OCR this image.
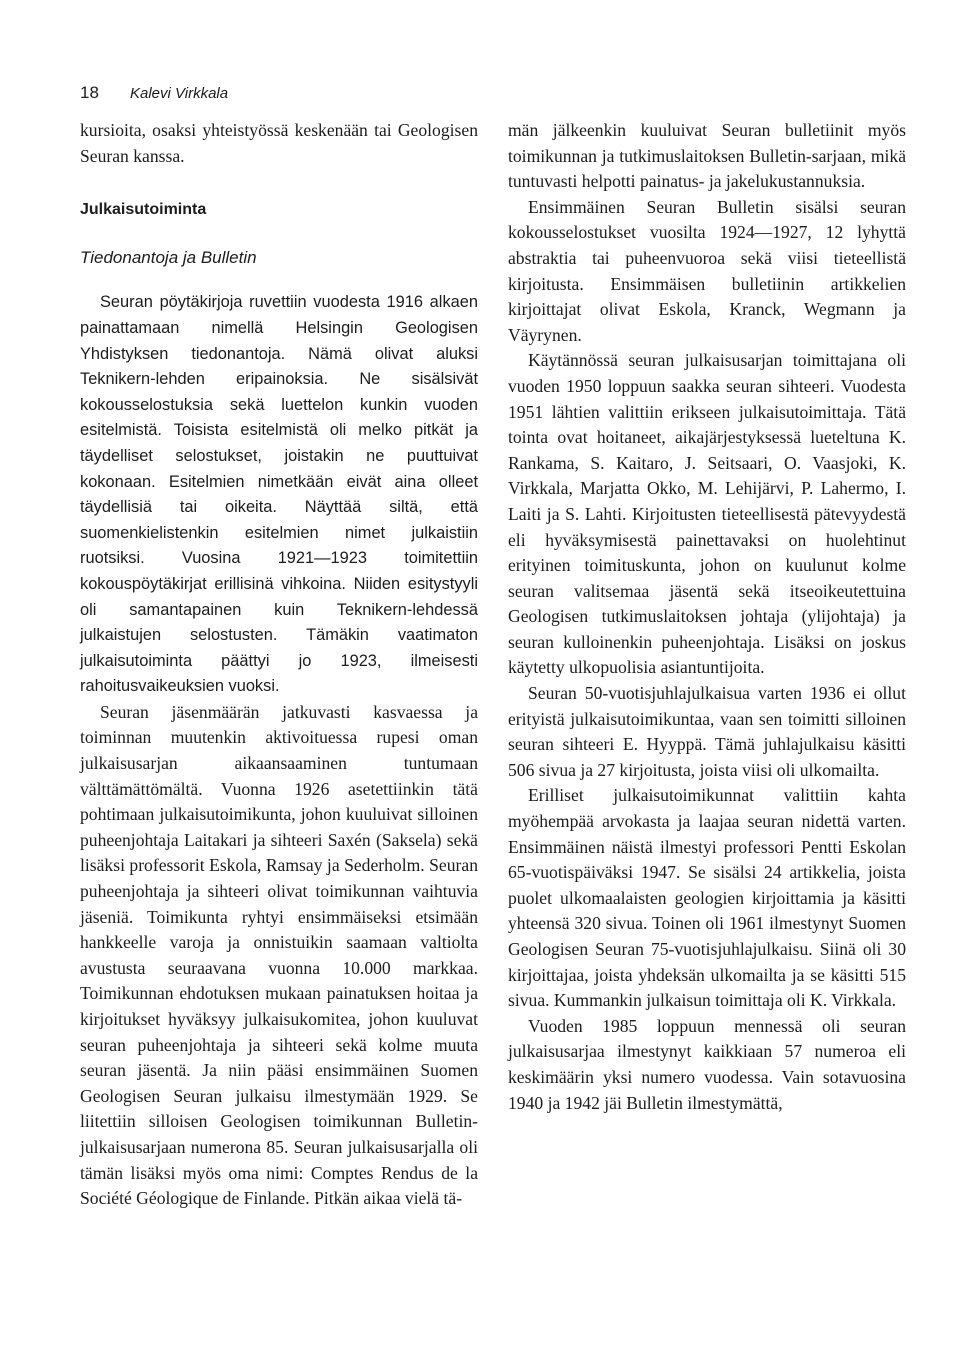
18 Kalevi Virkkala

kursioita, osaksi yhteistyössä keskenään tai Geologisen Seuran kanssa.

Julkaisutoiminta
Tiedonantoja ja Bulletin

Seuran pöytäkirjoja ruvettiin vuodesta 1916 alkaen painattamaan nimellä Helsingin Geologisen Yhdistyksen tiedonantoja. Nämä olivat aluksi Teknikern-lehden eripainoksia. Ne sisälsivät kokousselostuksia sekä luettelon kunkin vuoden esitelmistä. Toisista esitelmistä oli melko pitkät ja täydelliset selostukset, joistakin ne puuttuivat kokonaan. Esitelmien nimetkään eivät aina olleet täydellisiä tai oikeita. Näyttää siltä, että suomenkielistenkin esitelmien nimet julkaistiin ruotsiksi. Vuosina 1921—1923 toimitettiin kokouspöytäkirjat erillisinä vihkoina. Niiden esitystyyli oli samantapainen kuin Teknikern-lehdessä julkaistujen selostusten. Tämäkin vaatimaton julkaisutoiminta päättyi jo 1923, ilmeisesti rahoitusvaikeuksien vuoksi.

Seuran jäsenmäärän jatkuvasti kasvaessa ja toiminnan muutenkin aktivoituessa rupesi oman julkaisusarjan aikaansaaminen tuntumaan välttämättömältä. Vuonna 1926 asetettiinkin tätä pohtimaan julkaisutoimikunta, johon kuuluivat silloinen puheenjohtaja Laitakari ja sihteeri Saxén (Saksela) sekä lisäksi professorit Eskola, Ramsay ja Sederholm. Seuran puheenjohtaja ja sihteeri olivat toimikunnan vaihtuvia jäseniä. Toimikunta ryhtyi ensimmäiseksi etsimään hankkeelle varoja ja onnistuikin saamaan valtiolta avustusta seuraavana vuonna 10.000 markkaa. Toimikunnan ehdotuksen mukaan painatuksen hoitaa ja kirjoitukset hyväksyy julkaisukomitea, johon kuuluvat seuran puheenjohtaja ja sihteeri sekä kolme muuta seuran jäsentä. Ja niin pääsi ensimmäinen Suomen Geologisen Seuran julkaisu ilmestymään 1929. Se liitettiin silloisen Geologisen toimikunnan Bulletin-julkaisusarjaan numerona 85. Seuran julkaisusarjalla oli tämän lisäksi myös oma nimi: Comptes Rendus de la Société Géologique de Finlande. Pitkän aikaa vielä tä-

män jälkeenkin kuuluivat Seuran bulletiinit myös toimikunnan ja tutkimuslaitoksen Bulletin-sarjaan, mikä tuntuvasti helpotti painatus- ja jakelukustannuksia.

Ensimmäinen Seuran Bulletin sisälsi seuran kokousselostukset vuosilta 1924—1927, 12 lyhyttä abstraktia tai puheenvuoroa sekä viisi tieteellistä kirjoitusta. Ensimmäisen bulletiinin artikkelien kirjoittajat olivat Eskola, Kranck, Wegmann ja Väyrynen.

Käytännössä seuran julkaisusarjan toimittajana oli vuoden 1950 loppuun saakka seuran sihteeri. Vuodesta 1951 lähtien valittiin erikseen julkaisutoimittaja. Tätä tointa ovat hoitaneet, aikajärjestyksessä lueteltuna K. Rankama, S. Kaitaro, J. Seitsaari, O. Vaasjoki, K. Virkkala, Marjatta Okko, M. Lehijärvi, P. Lahermo, I. Laiti ja S. Lahti. Kirjoitusten tieteellisestä pätevyydestä eli hyväksymisestä painettavaksi on huolehtinut erityinen toimituskunta, johon on kuulunut kolme seuran valitsemaa jäsentä sekä itseoikeutettuina Geologisen tutkimuslaitoksen johtaja (ylijohtaja) ja seuran kulloinenkin puheenjohtaja. Lisäksi on joskus käytetty ulkopuolisia asiantuntijoita.

Seuran 50-vuotisjuhlajulkaisua varten 1936 ei ollut erityistä julkaisutoimikuntaa, vaan sen toimitti silloinen seuran sihteeri E. Hyyppä. Tämä juhlajulkaisu käsitti 506 sivua ja 27 kirjoitusta, joista viisi oli ulkomailta.

Erilliset julkaisutoimikunnat valittiin kahta myöhempää arvokasta ja laajaa seuran nidettä varten. Ensimmäinen näistä ilmestyi professori Pentti Eskolan 65-vuotispäiväksi 1947. Se sisälsi 24 artikkelia, joista puolet ulkomaalaisten geologien kirjoittamia ja käsitti yhteensä 320 sivua. Toinen oli 1961 ilmestynyt Suomen Geologisen Seuran 75-vuotisjuhlajulkaisu. Siinä oli 30 kirjoittajaa, joista yhdeksän ulkomailta ja se käsitti 515 sivua. Kummankin julkaisun toimittaja oli K. Virkkala.

Vuoden 1985 loppuun mennessä oli seuran julkaisusarjaa ilmestynyt kaikkiaan 57 numeroa eli keskimäärin yksi numero vuodessa. Vain sotavuosina 1940 ja 1942 jäi Bulletin ilmestymättä,
